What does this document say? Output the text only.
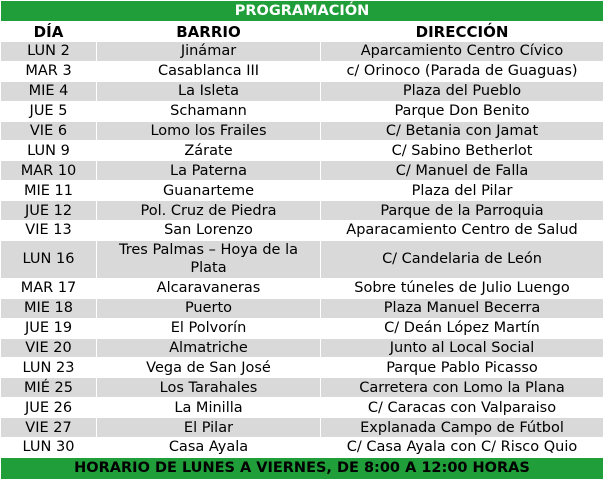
PROGRAMACIÓN		
DÍA	BARRIO	DIRECCIÓN
LUN 2	Jinámar	Aparcamiento Centro Cívico
MAR 3	Casablanca III	c/ Orinoco (Parada de Guaguas)
MIE 4	La Isleta	Plaza del Pueblo
JUE 5	Schamann	Parque Don Benito
VIE 6	Lomo los Frailes	C/ Betania con Jamat
LUN 9	Zárate	C/ Sabino Betherlot
MAR 10	La Paterna	C/ Manuel de Falla
MIE 11	Guanarteme	Plaza del Pilar
JUE 12	Pol. Cruz de Piedra	Parque de la Parroquia
VIE 13	San Lorenzo	Aparacamiento Centro de Salud
LUN 16	Tres Palmas – Hoya de la Plata	C/ Candelaria de León
MAR 17	Alcaravaneras	Sobre túneles de Julio Luengo
MIE 18	Puerto	Plaza Manuel Becerra
JUE 19	El Polvorín	C/ Deán López Martín
VIE 20	Almatriche	Junto al Local Social
LUN 23	Vega de San José	Parque Pablo Picasso
MIÉ 25	Los Tarahales	Carretera con Lomo la Plana
JUE 26	La Minilla	C/ Caracas con Valparaiso
VIE 27	El Pilar	Explanada Campo de Fútbol
LUN 30	Casa Ayala	C/ Casa Ayala con C/ Risco Quio
HORARIO DE LUNES A VIERNES, DE 8:00 A 12:00 HORAS		
